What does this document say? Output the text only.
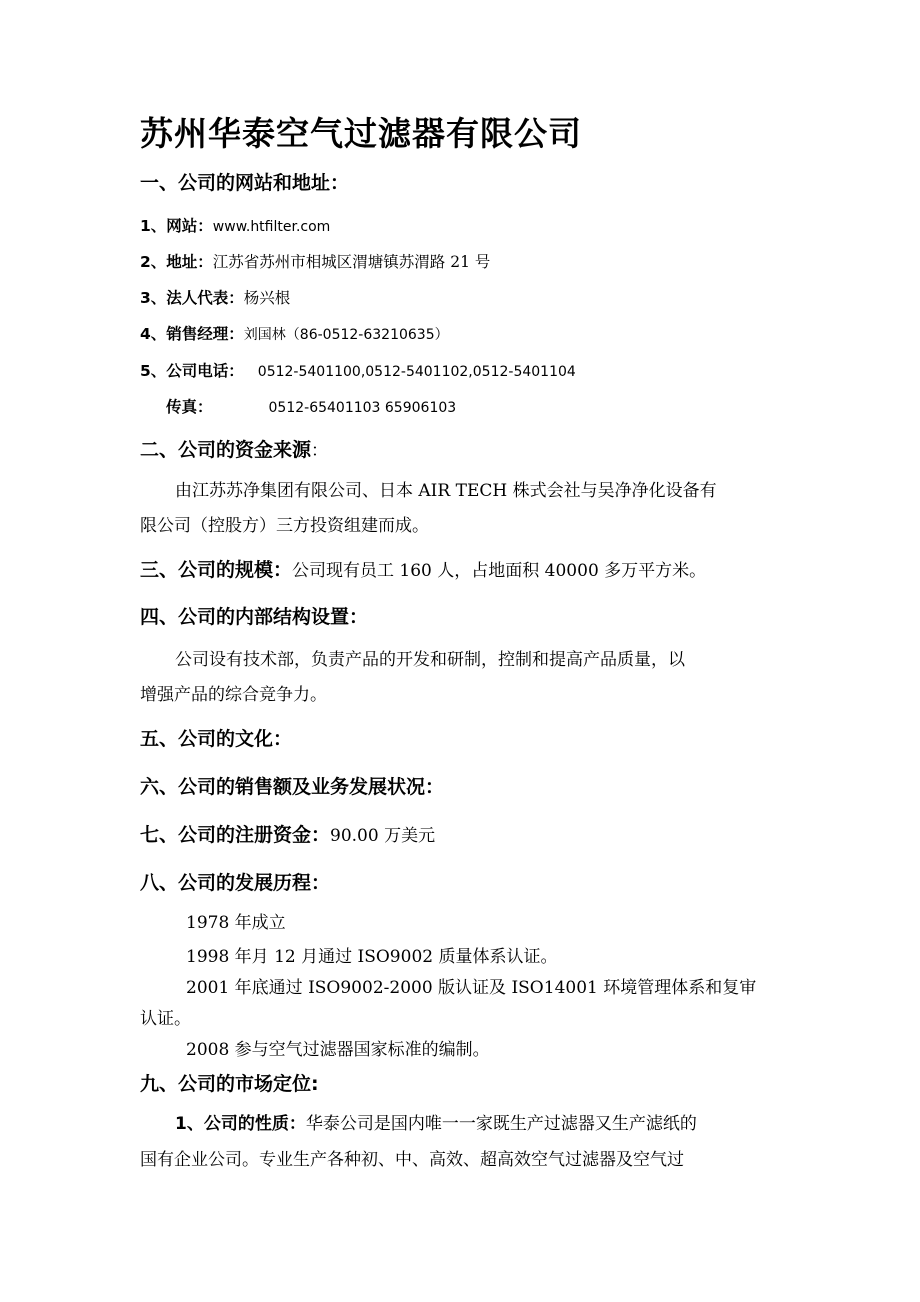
苏州华泰空气过滤器有限公司
一、公司的网站和地址：
1、网站：www.htfilter.com
2、地址：江苏省苏州市相城区渭塘镇苏渭路 21 号
3、法人代表：杨兴根
4、销售经理：刘国林（86-0512-63210635）
5、公司电话： 0512-5401100,0512-5401102,0512-5401104
传真：	0512-65401103 65906103
二、公司的资金来源：
由江苏苏净集团有限公司、日本 AIR TECH 株式会社与吴净净化设备有
限公司（控股方）三方投资组建而成。
三、公司的规模：公司现有员工 160 人，占地面积 40000 多万平方米。
四、公司的内部结构设置：
公司设有技术部，负责产品的开发和研制，控制和提高产品质量，以
增强产品的综合竞争力。
五、公司的文化：
六、公司的销售额及业务发展状况：
七、公司的注册资金：90.00 万美元
八、公司的发展历程：
1978 年成立
1998 年月 12 月通过 ISO9002 质量体系认证。
2001 年底通过 ISO9002-2000 版认证及 ISO14001 环境管理体系和复审
认证。
2008 参与空气过滤器国家标准的编制。
九、公司的市场定位:
1、公司的性质：华泰公司是国内唯一一家既生产过滤器又生产滤纸的
国有企业公司。专业生产各种初、中、高效、超高效空气过滤器及空气过
